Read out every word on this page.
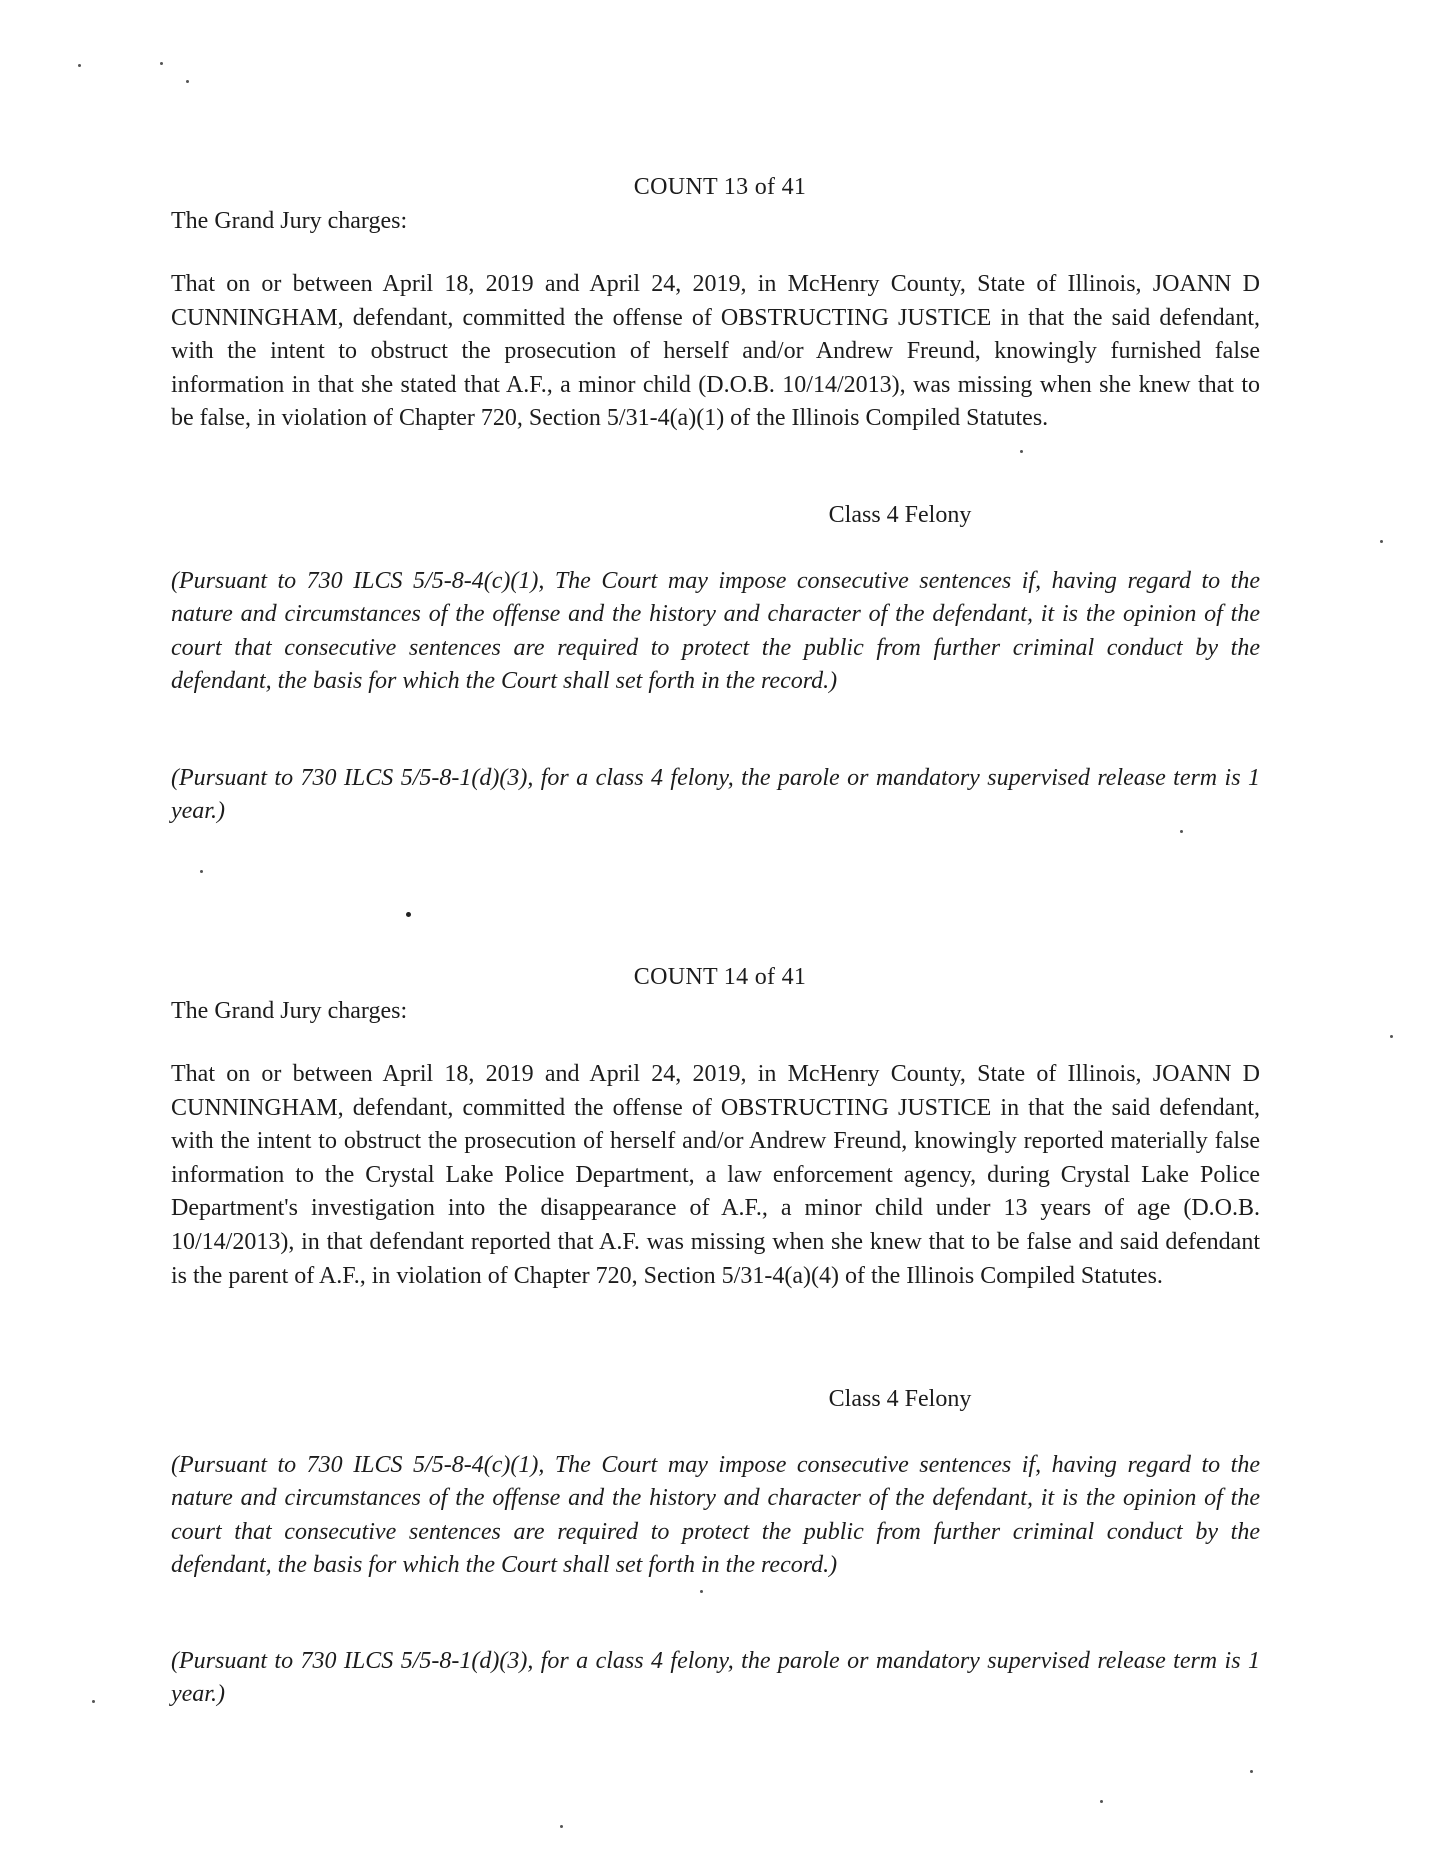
COUNT 13 of 41
The Grand Jury charges:

That on or between April 18, 2019 and April 24, 2019, in McHenry County, State of Illinois, JOANN D CUNNINGHAM, defendant, committed the offense of OBSTRUCTING JUSTICE in that the said defendant, with the intent to obstruct the prosecution of herself and/or Andrew Freund, knowingly furnished false information in that she stated that A.F., a minor child (D.O.B. 10/14/2013), was missing when she knew that to be false, in violation of Chapter 720, Section 5/31-4(a)(1) of the Illinois Compiled Statutes.

Class 4 Felony

(Pursuant to 730 ILCS 5/5-8-4(c)(1), The Court may impose consecutive sentences if, having regard to the nature and circumstances of the offense and the history and character of the defendant, it is the opinion of the court that consecutive sentences are required to protect the public from further criminal conduct by the defendant, the basis for which the Court shall set forth in the record.)

(Pursuant to 730 ILCS 5/5-8-1(d)(3), for a class 4 felony, the parole or mandatory supervised release term is 1 year.)

COUNT 14 of 41
The Grand Jury charges:

That on or between April 18, 2019 and April 24, 2019, in McHenry County, State of Illinois, JOANN D CUNNINGHAM, defendant, committed the offense of OBSTRUCTING JUSTICE in that the said defendant, with the intent to obstruct the prosecution of herself and/or Andrew Freund, knowingly reported materially false information to the Crystal Lake Police Department, a law enforcement agency, during Crystal Lake Police Department's investigation into the disappearance of A.F., a minor child under 13 years of age (D.O.B. 10/14/2013), in that defendant reported that A.F. was missing when she knew that to be false and said defendant is the parent of A.F., in violation of Chapter 720, Section 5/31-4(a)(4) of the Illinois Compiled Statutes.

Class 4 Felony

(Pursuant to 730 ILCS 5/5-8-4(c)(1), The Court may impose consecutive sentences if, having regard to the nature and circumstances of the offense and the history and character of the defendant, it is the opinion of the court that consecutive sentences are required to protect the public from further criminal conduct by the defendant, the basis for which the Court shall set forth in the record.)

(Pursuant to 730 ILCS 5/5-8-1(d)(3), for a class 4 felony, the parole or mandatory supervised release term is 1 year.)
